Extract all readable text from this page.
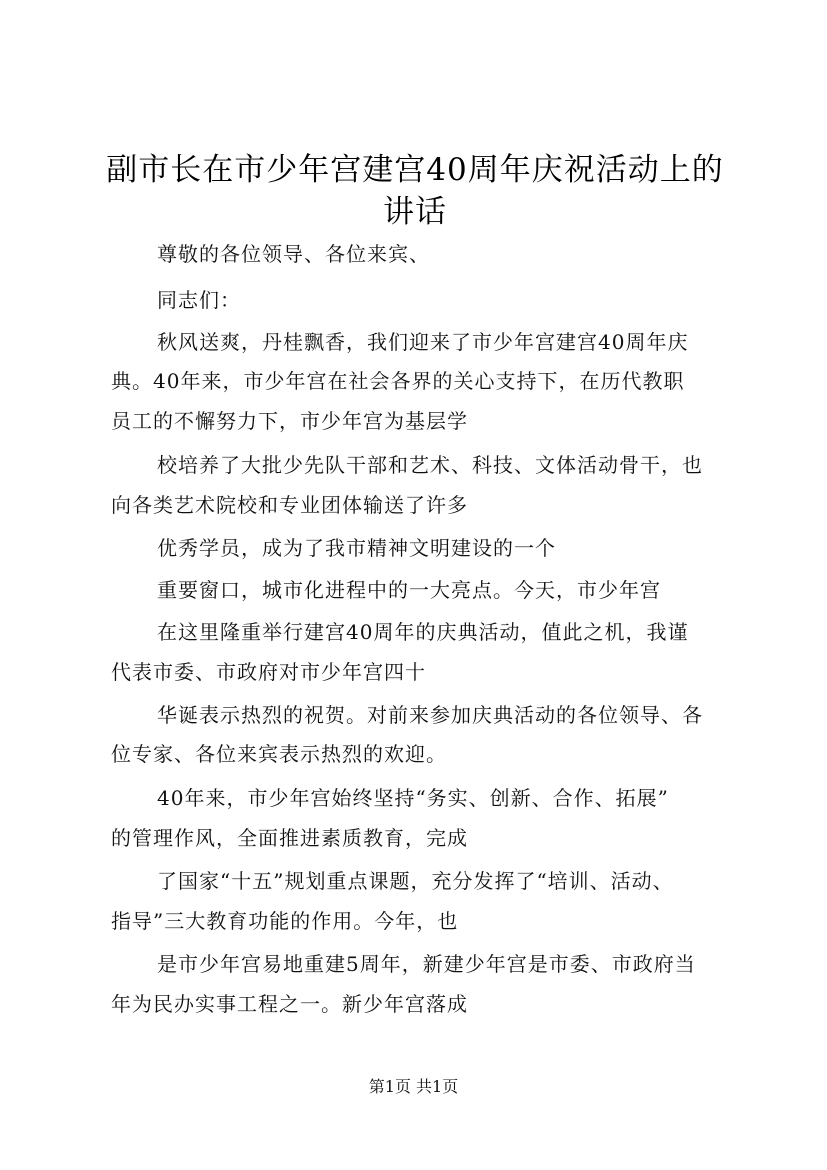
副市长在市少年宫建宫40周年庆祝活动上的
讲话
尊敬的各位领导、各位来宾、
同志们：
秋风送爽，丹桂飘香，我们迎来了市少年宫建宫40周年庆
典。40年来，市少年宫在社会各界的关心支持下，在历代教职
员工的不懈努力下，市少年宫为基层学
校培养了大批少先队干部和艺术、科技、文体活动骨干，也
向各类艺术院校和专业团体输送了许多
优秀学员，成为了我市精神文明建设的一个
重要窗口，城市化进程中的一大亮点。今天，市少年宫
在这里隆重举行建宫40周年的庆典活动，值此之机，我谨
代表市委、市政府对市少年宫四十
华诞表示热烈的祝贺。对前来参加庆典活动的各位领导、各
位专家、各位来宾表示热烈的欢迎。
40年来，市少年宫始终坚持“务实、创新、合作、拓展”
的管理作风，全面推进素质教育，完成
了国家“十五”规划重点课题，充分发挥了“培训、活动、
指导”三大教育功能的作用。今年，也
是市少年宫易地重建5周年，新建少年宫是市委、市政府当
年为民办实事工程之一。新少年宫落成
第1页 共1页
